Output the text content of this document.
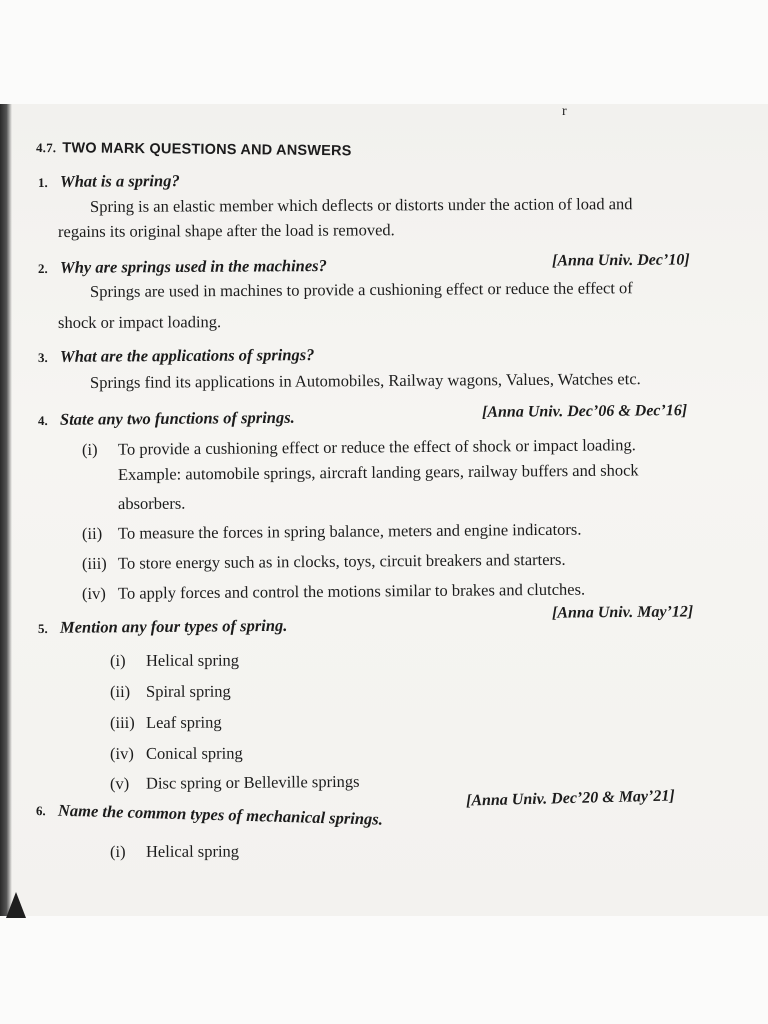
r
4.7. TWO MARK QUESTIONS AND ANSWERS
1. What is a spring?
Spring is an elastic member which deflects or distorts under the action of load and
regains its original shape after the load is removed.
2. Why are springs used in the machines?	[Anna Univ. Dec’10]
Springs are used in machines to provide a cushioning effect or reduce the effect of
shock or impact loading.
3. What are the applications of springs?
Springs find its applications in Automobiles, Railway wagons, Values, Watches etc.
4. State any two functions of springs.	[Anna Univ. Dec’06 & Dec’16]
(i) To provide a cushioning effect or reduce the effect of shock or impact loading.
Example: automobile springs, aircraft landing gears, railway buffers and shock
absorbers.
(ii) To measure the forces in spring balance, meters and engine indicators.
(iii) To store energy such as in clocks, toys, circuit breakers and starters.
(iv) To apply forces and control the motions similar to brakes and clutches.
5. Mention any four types of spring.
[Anna Univ. May’12]
(i) Helical spring
(ii) Spiral spring
(iii) Leaf spring
(iv) Conical spring
(v) Disc spring or Belleville springs
6. Name the common types of mechanical springs.
[Anna Univ. Dec’20 & May’21]
(i) Helical spring
